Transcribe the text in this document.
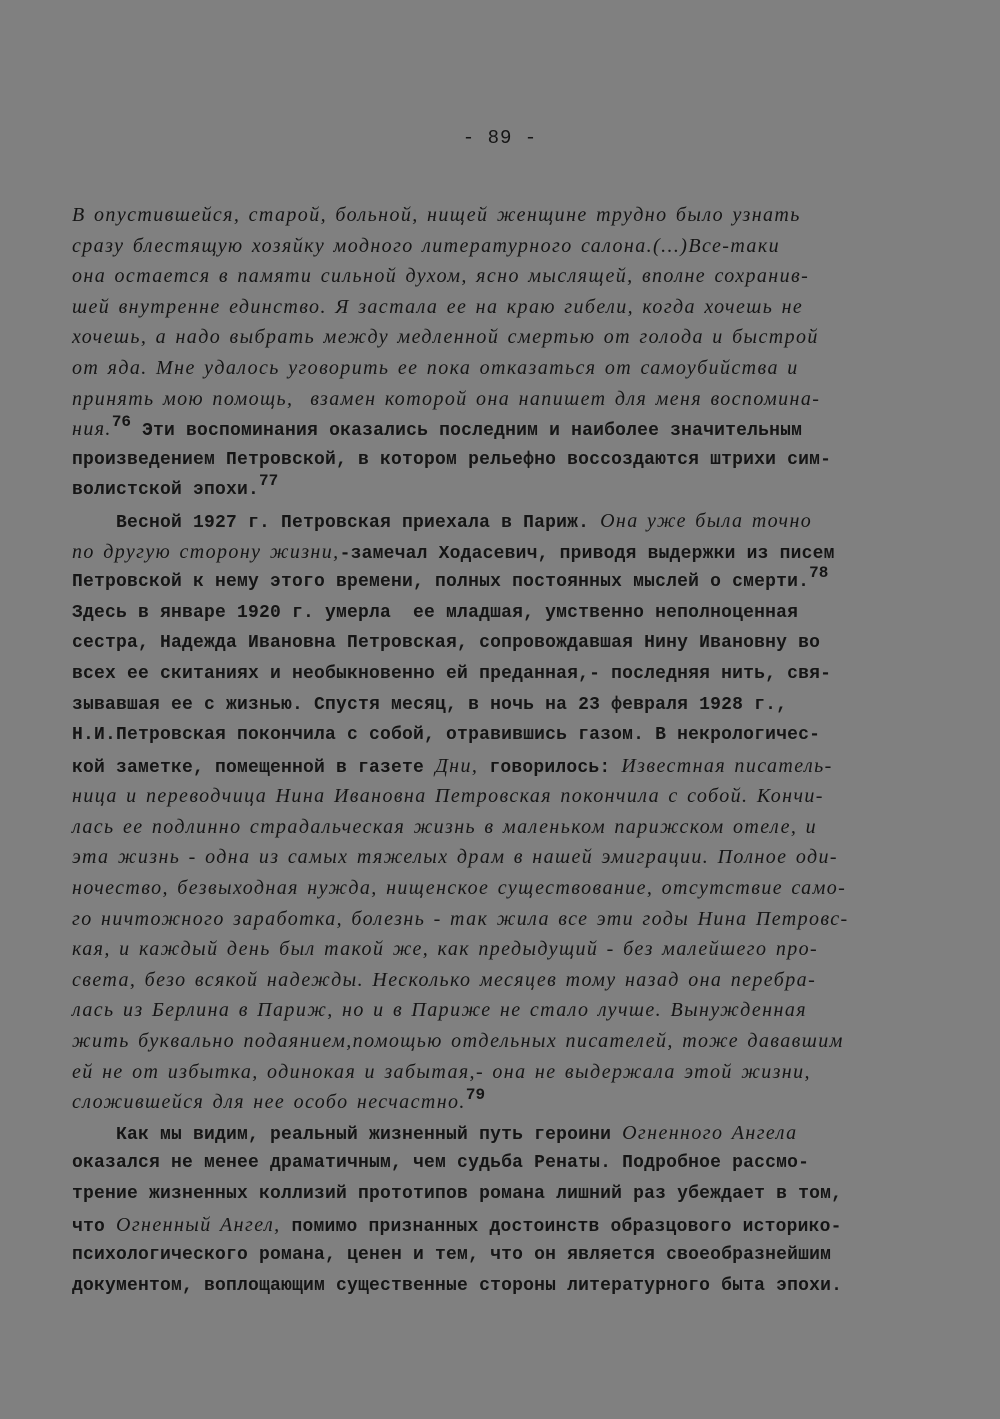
- 89 -
В опустившейся, старой, больной, нищей женщине трудно было узнать
сразу блестящую хозяйку модного литературного салона.(...)Все-таки
она остается в памяти сильной духом, ясно мыслящей, вполне сохранив-
шей внутренне единство. Я застала ее на краю гибели, когда хочешь не
хочешь, а надо выбрать между медленной смертью от голода и быстрой
от яда. Мне удалось уговорить ее пока отказаться от самоубийства и
принять мою помощь,  взамен которой она напишет для меня воспомина-
ния.$^{76}$ Эти воспоминания оказались последним и наиболее значительным
произведением Петровской, в котором рельефно воссоздаются штрихи сим-
волистской эпохи.$^{77}$
Весной 1927 г. Петровская приехала в Париж. Она уже была точно
по другую сторону жизни,-замечал Ходасевич, приводя выдержки из писем
Петровской к нему этого времени, полных постоянных мыслей о смерти.$^{78}$
Здесь в январе 1920 г. умерла  ее младшая, умственно неполноценная
сестра, Надежда Ивановна Петровская, сопровождавшая Нину Ивановну во
всех ее скитаниях и необыкновенно ей преданная,- последняя нить, свя-
зывавшая ее с жизнью. Спустя месяц, в ночь на 23 февраля 1928 г.,
Н.И.Петровская покончила с собой, отравившись газом. В некрологичес-
кой заметке, помещенной в газете Дни, говорилось: Известная писатель-
ница и переводчица Нина Ивановна Петровская покончила с собой. Кончи-
лась ее подлинно страдальческая жизнь в маленьком парижском отеле, и
эта жизнь - одна из самых тяжелых драм в нашей эмиграции. Полное оди-
ночество, безвыходная нужда, нищенское существование, отсутствие само-
го ничтожного заработка, болезнь - так жила все эти годы Нина Петровс-
кая, и каждый день был такой же, как предыдущий - без малейшего про-
света, безо всякой надежды. Несколько месяцев тому назад она перебра-
лась из Берлина в Париж, но и в Париже не стало лучше. Вынужденная
жить буквально подаянием,помощью отдельных писателей, тоже дававшим
ей не от избытка, одинокая и забытая,- она не выдержала этой жизни,
сложившейся для нее особо несчастно.$^{79}$
Как мы видим, реальный жизненный путь героини Огненного Ангела
оказался не менее драматичным, чем судьба Ренаты. Подробное рассмо-
трение жизненных коллизий прототипов романа лишний раз убеждает в том,
что Огненный Ангел, помимо признанных достоинств образцового историко-
психологического романа, ценен и тем, что он является своеобразнейшим
документом, воплощающим существенные стороны литературного быта эпохи.
